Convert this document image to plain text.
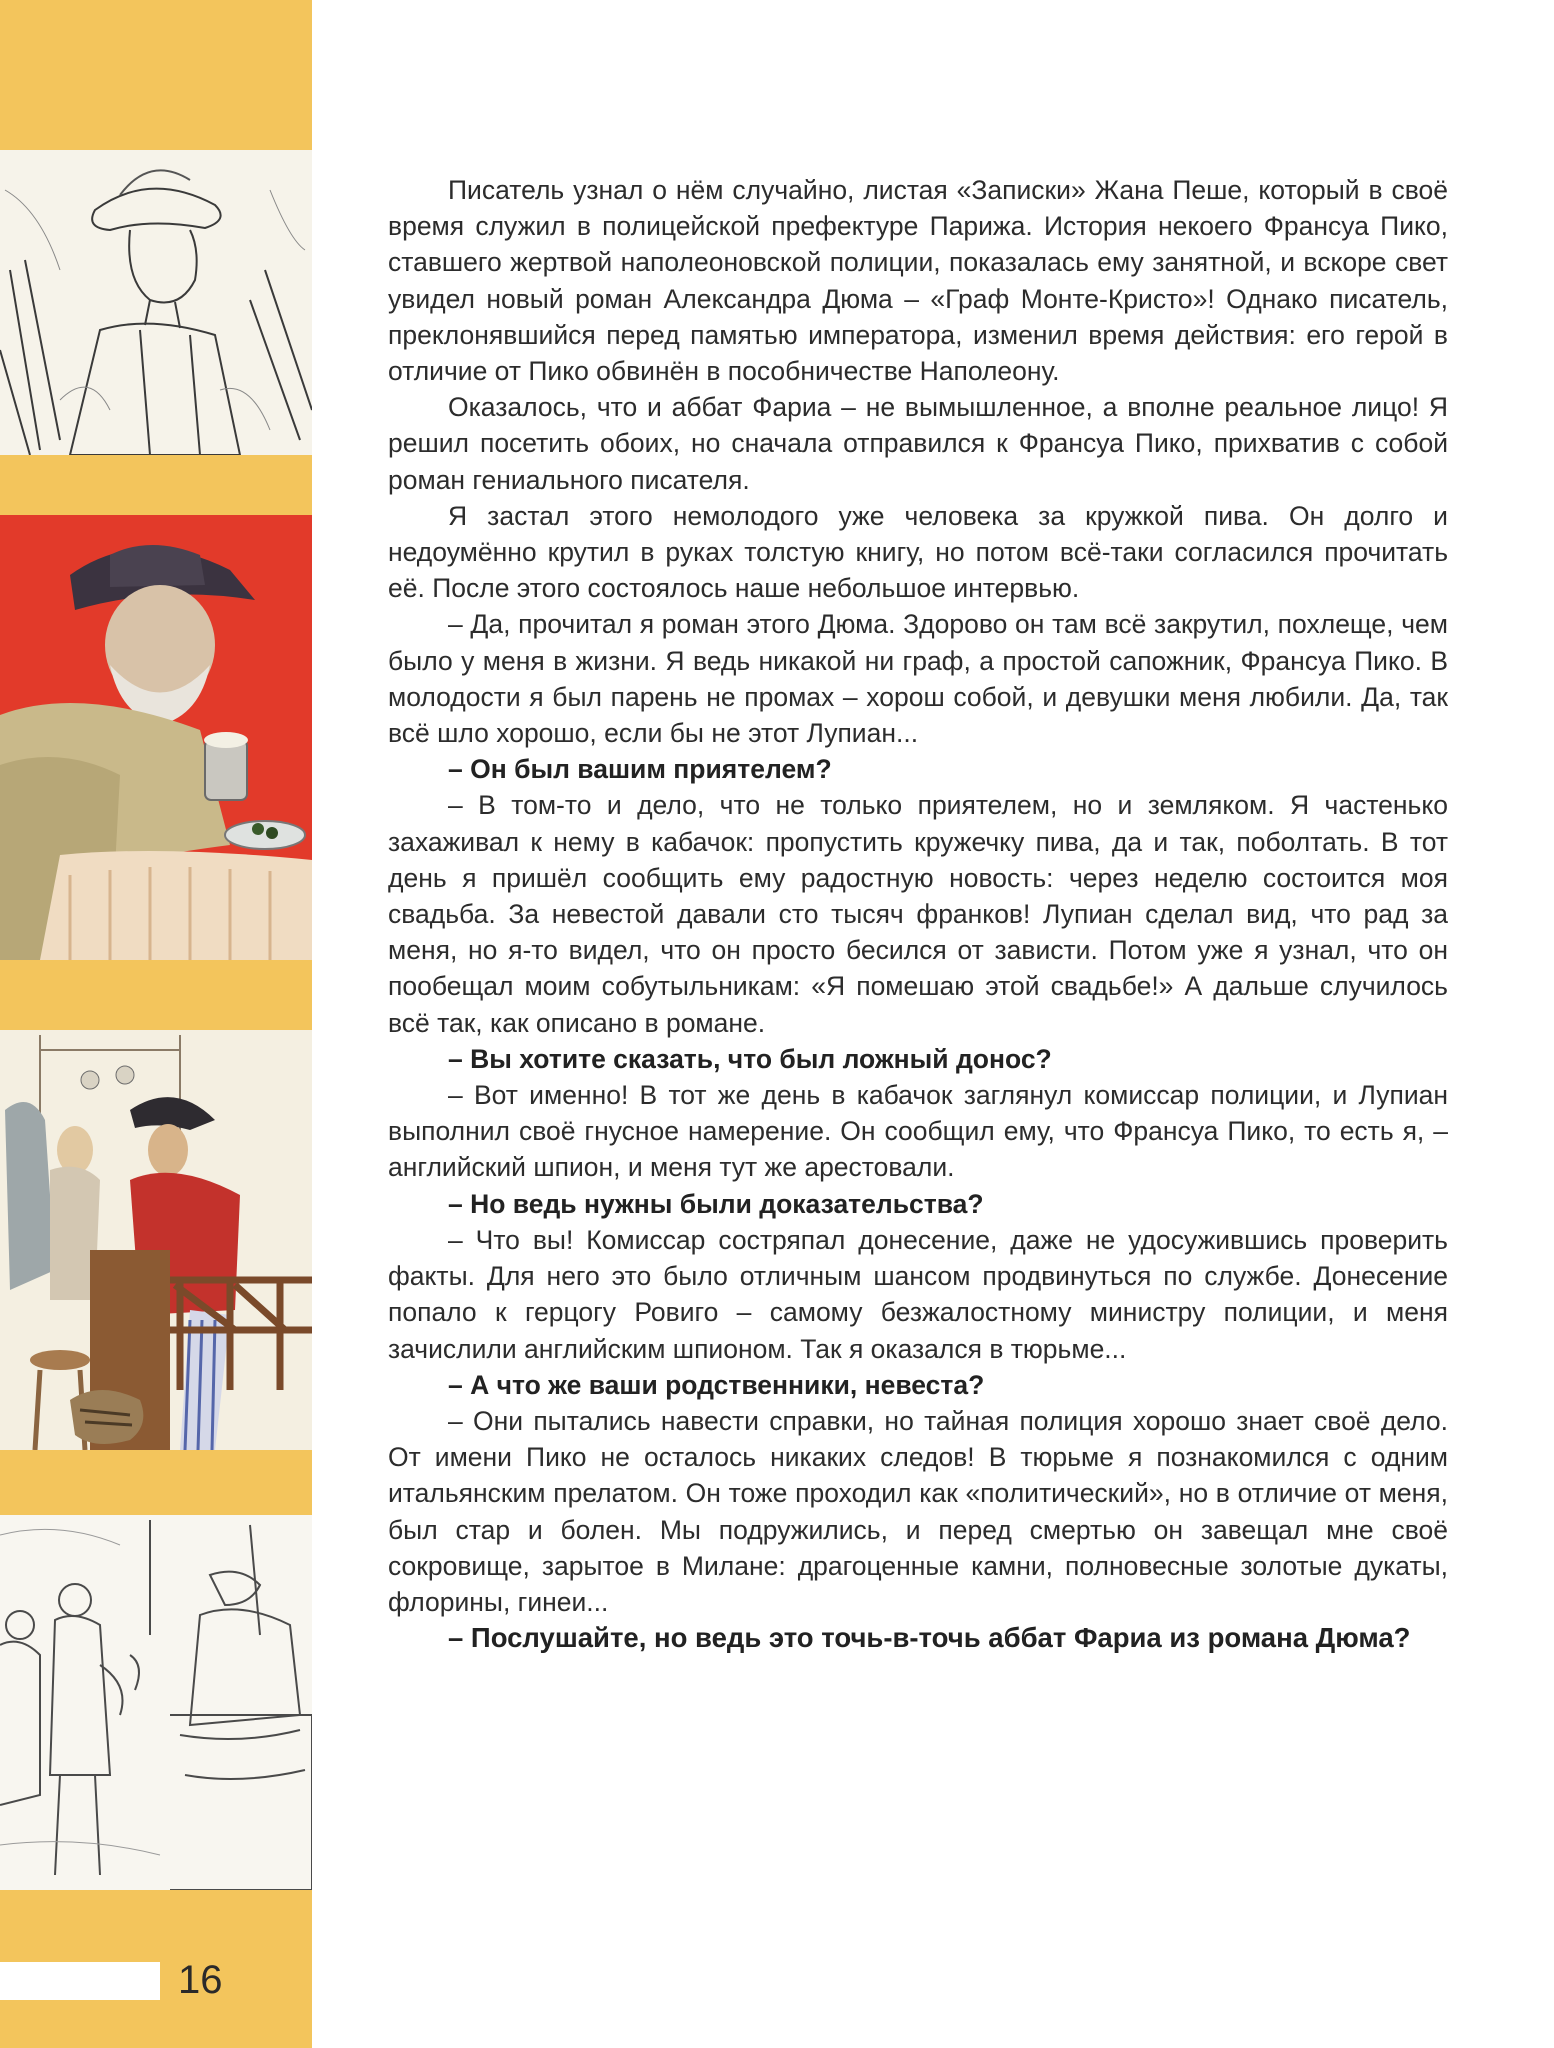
16

Писатель узнал о нём случайно, листая «Записки» Жана Пеше, который в своё время служил в полицейской префектуре Парижа. История некоего Франсуа Пико, ставшего жертвой наполеоновской полиции, показалась ему занятной, и вскоре свет увидел новый роман Александра Дюма – «Граф Монте-Кристо»! Однако писатель, преклонявшийся перед памятью императора, изменил время действия: его герой в отличие от Пико обвинён в пособничестве Наполеону.

Оказалось, что и аббат Фариа – не вымышленное, а вполне реальное лицо! Я решил посетить обоих, но сначала отправился к Франсуа Пико, прихватив с собой роман гениального писателя.

Я застал этого немолодого уже человека за кружкой пива. Он долго и недоумённо крутил в руках толстую книгу, но потом всё-таки согласился прочитать её. После этого состоялось наше небольшое интервью.

– Да, прочитал я роман этого Дюма. Здорово он там всё закрутил, похлеще, чем было у меня в жизни. Я ведь никакой ни граф, а простой сапожник, Франсуа Пико. В молодости я был парень не промах – хорош собой, и девушки меня любили. Да, так всё шло хорошо, если бы не этот Лупиан...

– Он был вашим приятелем?

– В том-то и дело, что не только приятелем, но и земляком. Я частенько захаживал к нему в кабачок: пропустить кружечку пива, да и так, поболтать. В тот день я пришёл сообщить ему радостную новость: через неделю состоится моя свадьба. За невестой давали сто тысяч франков! Лупиан сделал вид, что рад за меня, но я-то видел, что он просто бесился от зависти. Потом уже я узнал, что он пообещал моим собутыльникам: «Я помешаю этой свадьбе!» А дальше случилось всё так, как описано в романе.

– Вы хотите сказать, что был ложный донос?

– Вот именно! В тот же день в кабачок заглянул комиссар полиции, и Лупиан выполнил своё гнусное намерение. Он сообщил ему, что Франсуа Пико, то есть я, – английский шпион, и меня тут же арестовали.

– Но ведь нужны были доказательства?

– Что вы! Комиссар состряпал донесение, даже не удосужившись проверить факты. Для него это было отличным шансом продвинуться по службе. Донесение попало к герцогу Ровиго – самому безжалостному министру полиции, и меня зачислили английским шпионом. Так я оказался в тюрьме...

– А что же ваши родственники, невеста?

– Они пытались навести справки, но тайная полиция хорошо знает своё дело. От имени Пико не осталось никаких следов! В тюрьме я познакомился с одним итальянским прелатом. Он тоже проходил как «политический», но в отличие от меня, был стар и болен. Мы подружились, и перед смертью он завещал мне своё сокровище, зарытое в Милане: драгоценные камни, полновесные золотые дукаты, флорины, гинеи...

– Послушайте, но ведь это точь-в-точь аббат Фариа из романа Дюма?
